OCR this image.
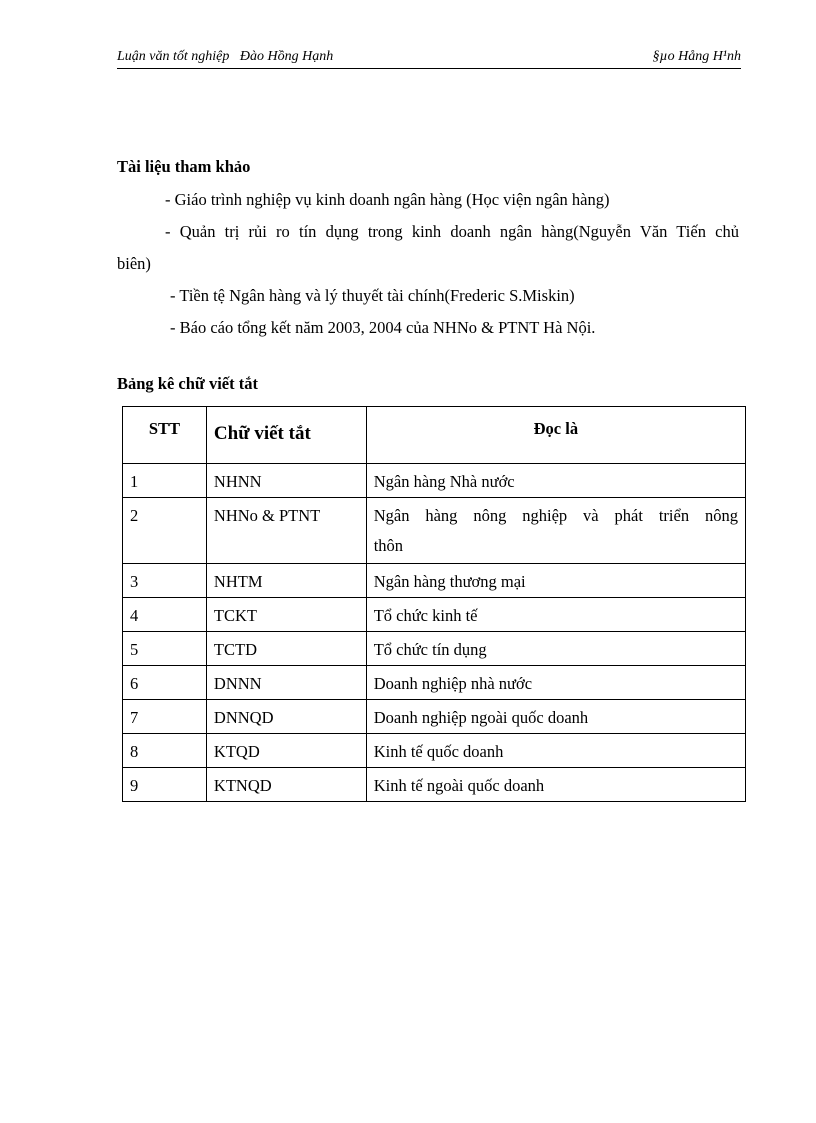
Luận văn tốt nghiệp   Đào Hồng Hạnh	§µo Hång H¹nh
Tài liệu tham khảo
- Giáo trình nghiệp vụ kinh doanh ngân hàng (Học viện ngân hàng)
- Quản trị rủi ro tín dụng trong kinh doanh ngân hàng(Nguyễn Văn Tiến chủ
biên)
- Tiền tệ Ngân hàng và lý thuyết tài chính(Frederic S.Miskin)
- Báo cáo tổng kết năm 2003, 2004 của NHNo & PTNT Hà Nội.
Bảng kê chữ viết tắt
STT	Chữ viết tắt	Đọc là
1	NHNN	Ngân hàng Nhà nước
2	NHNo & PTNT	Ngân hàng nông nghiệp và phát triển nông
thôn

3	NHTM	Ngân hàng thương mại
4	TCKT	Tổ chức kinh tế
5	TCTD	Tổ chức tín dụng
6	DNNN	Doanh nghiệp nhà nước
7	DNNQD	Doanh nghiệp ngoài quốc doanh
8	KTQD	Kinh tế quốc doanh
9	KTNQD	Kinh tế ngoài quốc doanh
